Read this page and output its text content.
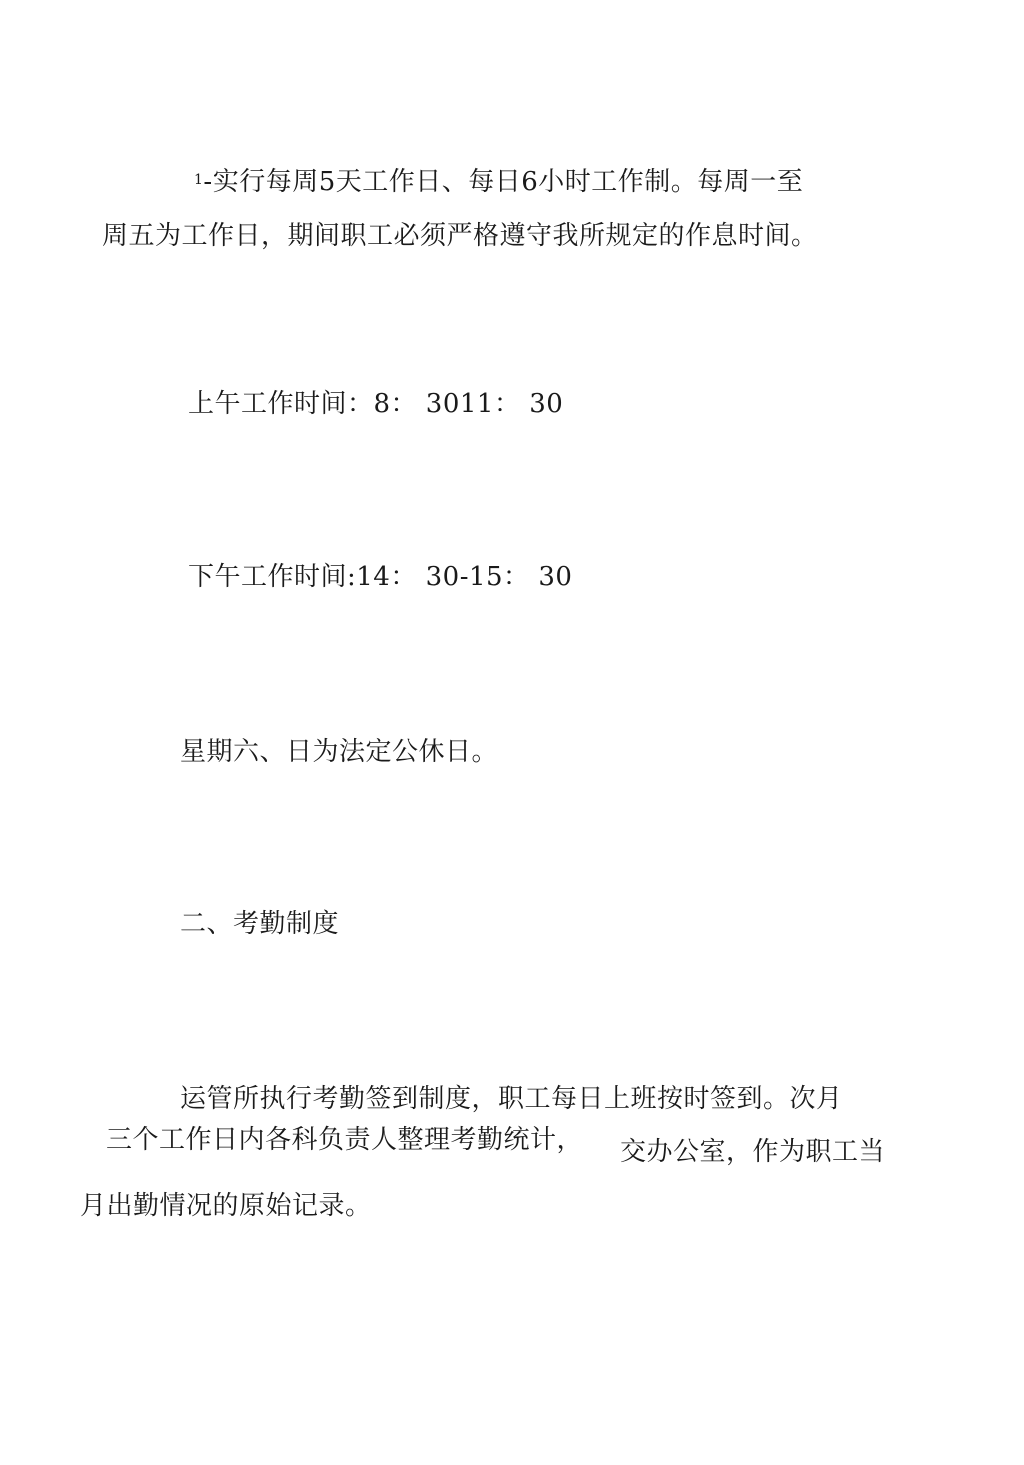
$^1$-实行每周5天工作日、每日6小时工作制。每周一至
周五为工作日，期间职工必须严格遵守我所规定的作息时间。
上午工作时间：8： 3011： 30
下午工作时间:14： 30-15： 30
星期六、日为法定公休日。
二、考勤制度
运管所执行考勤签到制度，职工每日上班按时签到。次月
三个工作日内各科负责人整理考勤统计， 交办公室，作为职工当
月出勤情况的原始记录。
